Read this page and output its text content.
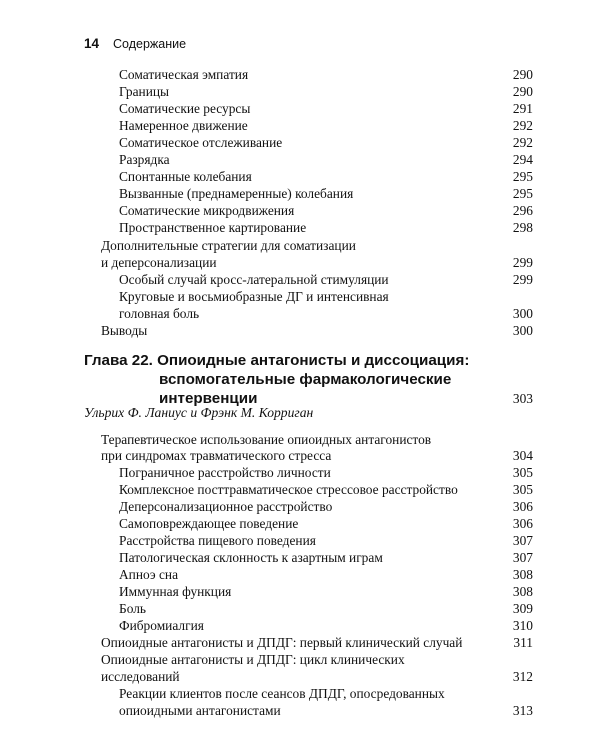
14 Содержание
Соматическая эмпатия	290
Границы	290
Соматические ресурсы	291
Намеренное движение	292
Соматическое отслеживание	292
Разрядка	294
Спонтанные колебания	295
Вызванные (преднамеренные) колебания	295
Соматические микродвижения	296
Пространственное картирование	298
Дополнительные стратегии для соматизации
и деперсонализации	299
Особый случай кросс-латеральной стимуляции	299
Круговые и восьмиобразные ДГ и интенсивная
головная боль	300
Выводы	300
Глава 22. Опиоидные антагонисты и диссоциация:
вспомогательные фармакологические
интервенции	303
Ульрих Ф. Ланиус и Фрэнк М. Корриган
Терапевтическое использование опиоидных антагонистов
при синдромах травматического стресса	304
Пограничное расстройство личности	305
Комплексное посттравматическое стрессовое расстройство	305
Деперсонализационное расстройство	306
Самоповреждающее поведение	306
Расстройства пищевого поведения	307
Патологическая склонность к азартным играм	307
Апноэ сна	308
Иммунная функция	308
Боль	309
Фибромиалгия	310
Опиоидные антагонисты и ДПДГ: первый клинический случай	311
Опиоидные антагонисты и ДПДГ: цикл клинических
исследований	312
Реакции клиентов после сеансов ДПДГ, опосредованных
опиоидными антагонистами	313
